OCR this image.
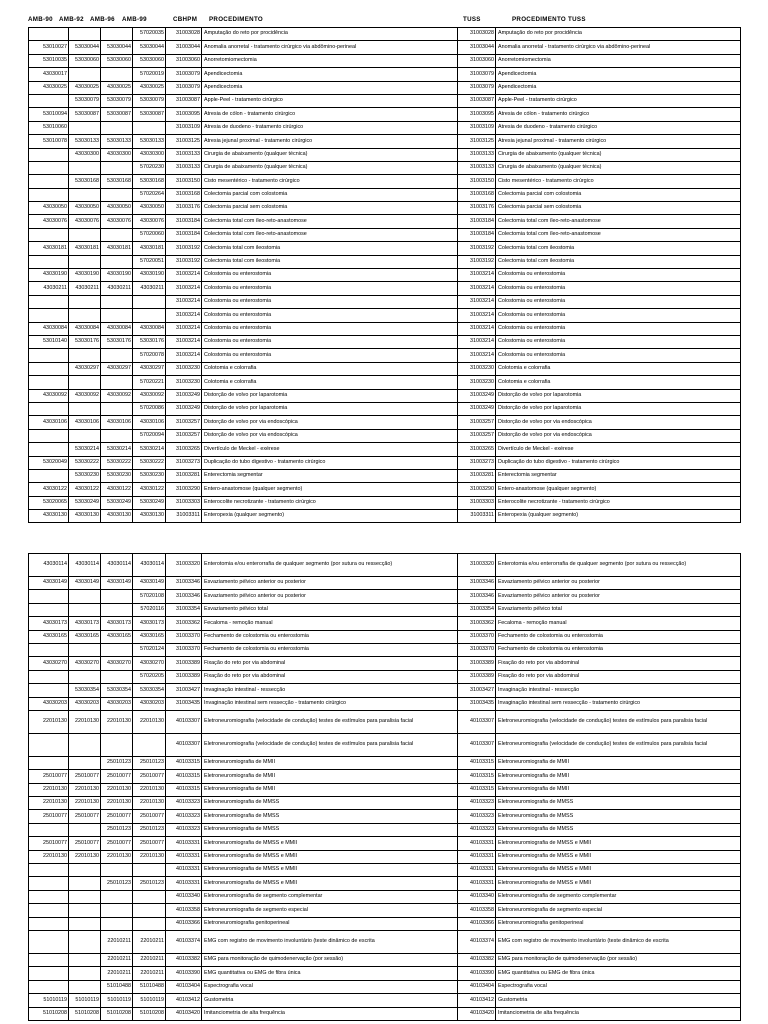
AMB-90 AMB-92 AMB-96 AMB-99	CBHPM PROCEDIMENTO	TUSS	PROCEDIMENTO TUSS
			57020035	31003028	Amputação do reto por procidência	31003028	Amputação do reto por procidência
53010027	53030044	53030044	53030044	31003044	Anomalia anorretal - tratamento cirúrgico via abdômino-perineal	31003044	Anomalia anorretal - tratamento cirúrgico via abdômino-perineal
53010035	53030060	53030060	53030060	31003060	Anorretomiomectomia	31003060	Anorretomiomectomia
43030017			57020019	31003079	Apendicectomia	31003079	Apendicectomia
43030025	43030025	43030025	43030025	31003079	Apendicectomia	31003079	Apendicectomia
	53030079	53030079	53030079	31003087	Apple-Peel - tratamento cirúrgico	31003087	Apple-Peel - tratamento cirúrgico
53010094	53030087	53030087	53030087	31003095	Atresia de cólon - tratamento cirúrgico	31003095	Atresia de cólon - tratamento cirúrgico
53010060				31003109	Atresia de duodeno - tratamento cirúrgico	31003109	Atresia de duodeno - tratamento cirúrgico
53010078	53030133	53030133	53030133	31003125	Atresia jejunal proximal - tratamento cirúrgico	31003125	Atresia jejunal proximal - tratamento cirúrgico
	43030300	43030300	43030300	31003133	Cirurgia de abaixamento (qualquer técnica)	31003133	Cirurgia de abaixamento (qualquer técnica)
			57020230	31003133	Cirurgia de abaixamento (qualquer técnica)	31003133	Cirurgia de abaixamento (qualquer técnica)
	53030168	53030168	53030168	31003150	Cisto mesentérico - tratamento cirúrgico	31003150	Cisto mesentérico - tratamento cirúrgico
			57020264	31003168	Colectomia parcial com colostomia	31003168	Colectomia parcial com colostomia
43030050	43030050	43030050	43030050	31003176	Colectomia parcial sem colostomia	31003176	Colectomia parcial sem colostomia
43030076	43030076	43030076	43030076	31003184	Colectomia total com íleo-reto-anastomose	31003184	Colectomia total com íleo-reto-anastomose
			57020060	31003184	Colectomia total com íleo-reto-anastomose	31003184	Colectomia total com íleo-reto-anastomose
43030181	43030181	43030181	43030181	31003192	Colectomia total com ileostomia	31003192	Colectomia total com ileostomia
			57020051	31003192	Colectomia total com ileostomia	31003192	Colectomia total com ileostomia
43030190	43030190	43030190	43030190	31003214	Colostomia ou enterostomia	31003214	Colostomia ou enterostomia
43030211	43030211	43030211	43030211	31003214	Colostomia ou enterostomia	31003214	Colostomia ou enterostomia
				31003214	Colostomia ou enterostomia	31003214	Colostomia ou enterostomia
				31003214	Colostomia ou enterostomia	31003214	Colostomia ou enterostomia
43030084	43030084	43030084	43030084	31003214	Colostomia ou enterostomia	31003214	Colostomia ou enterostomia
53010140	53030176	53030176	53030176	31003214	Colostomia ou enterostomia	31003214	Colostomia ou enterostomia
			57020078	31003214	Colostomia ou enterostomia	31003214	Colostomia ou enterostomia
	43030297	43030297	43030297	31003230	Colotomia e colorrafia	31003230	Colotomia e colorrafia
			57020221	31003230	Colotomia e colorrafia	31003230	Colotomia e colorrafia
43030092	43030092	43030092	43030092	31003249	Distorção de volvo por laparotomia	31003249	Distorção de volvo por laparotomia
			57020086	31003249	Distorção de volvo por laparotomia	31003249	Distorção de volvo por laparotomia
43030106	43030106	43030106	43030106	31003257	Distorção de volvo por via endoscópica	31003257	Distorção de volvo por via endoscópica
			57020094	31003257	Distorção de volvo por via endoscópica	31003257	Distorção de volvo por via endoscópica
	53030214	53030214	53030214	31003265	Divertículo de Meckel - exérese	31003265	Divertículo de Meckel - exérese
53020049	53030222	53030222	53030222	31003273	Duplicação do tubo digestivo - tratamento cirúrgico	31003273	Duplicação do tubo digestivo - tratamento cirúrgico
	53030230	53030230	53030230	31003281	Enterectomia segmentar	31003281	Enterectomia segmentar
43030122	43030122	43030122	43030122	31003290	Entero-anastomose (qualquer segmento)	31003290	Entero-anastomose (qualquer segmento)
53020065	53030249	53030249	53030249	31003303	Enterocolite necrotizante - tratamento cirúrgico	31003303	Enterocolite necrotizante - tratamento cirúrgico
43030130	43030130	43030130	43030130	31003311	Enteropexia (qualquer segmento)	31003311	Enteropexia (qualquer segmento)
43030114	43030114	43030114	43030114	31003320	Enterotomia e/ou enterorrafia de qualquer segmento (por sutura ou ressecção)	31003320	Enterotomia e/ou enterorrafia de qualquer segmento (por sutura ou ressecção)
43030149	43030149	43030149	43030149	31003346	Esvaziamento pélvico anterior ou posterior	31003346	Esvaziamento pélvico anterior ou posterior
			57020108	31003346	Esvaziamento pélvico anterior ou posterior	31003346	Esvaziamento pélvico anterior ou posterior
			57020116	31003354	Esvaziamento pélvico total	31003354	Esvaziamento pélvico total
43030173	43030173	43030173	43030173	31003362	Fecaloma - remoção manual	31003362	Fecaloma - remoção manual
43030165	43030165	43030165	43030165	31003370	Fechamento de colostomia ou enterostomia	31003370	Fechamento de colostomia ou enterostomia
			57020124	31003370	Fechamento de colostomia ou enterostomia	31003370	Fechamento de colostomia ou enterostomia
43030270	43030270	43030270	43030270	31003389	Fixação do reto por via abdominal	31003389	Fixação do reto por via abdominal
			57020205	31003389	Fixação do reto por via abdominal	31003389	Fixação do reto por via abdominal
	53030354	53030354	53030354	31003427	Invaginação intestinal - ressecção	31003427	Invaginação intestinal - ressecção
43030203	43030203	43030203	43030203	31003435	Invaginação intestinal sem ressecção - tratamento cirúrgico	31003435	Invaginação intestinal sem ressecção - tratamento cirúrgico
22010130	22010130	22010130	22010130	40103307	Eletroneuromiografia (velocidade de condução) testes de estímulos para paralisia facial	40103307	Eletroneuromiografia (velocidade de condução) testes de estímulos para paralisia facial
				40103307	Eletroneuromiografia (velocidade de condução) testes de estímulos para paralisia facial	40103307	Eletroneuromiografia (velocidade de condução) testes de estímulos para paralisia facial
		25010123	25010123	40103315	Eletroneuromiografia de MMII	40103315	Eletroneuromiografia de MMII
25010077	25010077	25010077	25010077	40103315	Eletroneuromiografia de MMII	40103315	Eletroneuromiografia de MMII
22010130	22010130	22010130	22010130	40103315	Eletroneuromiografia de MMII	40103315	Eletroneuromiografia de MMII
22010130	22010130	22010130	22010130	40103323	Eletroneuromiografia de MMSS	40103323	Eletroneuromiografia de MMSS
25010077	25010077	25010077	25010077	40103323	Eletroneuromiografia de MMSS	40103323	Eletroneuromiografia de MMSS
		25010123	25010123	40103323	Eletroneuromiografia de MMSS	40103323	Eletroneuromiografia de MMSS
25010077	25010077	25010077	25010077	40103331	Eletroneuromiografia de MMSS e MMII	40103331	Eletroneuromiografia de MMSS e MMII
22010130	22010130	22010130	22010130	40103331	Eletroneuromiografia de MMSS e MMII	40103331	Eletroneuromiografia de MMSS e MMII
				40103331	Eletroneuromiografia de MMSS e MMII	40103331	Eletroneuromiografia de MMSS e MMII
		25010123	25010123	40103331	Eletroneuromiografia de MMSS e MMII	40103331	Eletroneuromiografia de MMSS e MMII
				40103340	Eletroneuromiografia de segmento complementar	40103340	Eletroneuromiografia de segmento complementar
				40103358	Eletroneuromiografia de segmento especial	40103358	Eletroneuromiografia de segmento especial
				40103366	Eletroneuromiografia genitoperineal	40103366	Eletroneuromiografia genitoperineal
		22010211	22010211	40103374	EMG com registro de movimento involuntário (teste dinâmico de escrita	40103374	EMG com registro de movimento involuntário (teste dinâmico de escrita
		22010211	22010211	40103382	EMG para monitoração de quimodenervação (por sessão)	40103382	EMG para monitoração de quimodenervação (por sessão)
		22010211	22010211	40103390	EMG quantitativa ou EMG de fibra única	40103390	EMG quantitativa ou EMG de fibra única
		51010488	51010488	40103404	Espectrografia vocal	40103404	Espectrografia vocal
51010119	51010119	51010119	51010119	40103412	Gustometria	40103412	Gustometria
51010208	51010208	51010208	51010208	40103420	Imitanciometria de alta frequência	40103420	Imitanciometria de alta frequência
